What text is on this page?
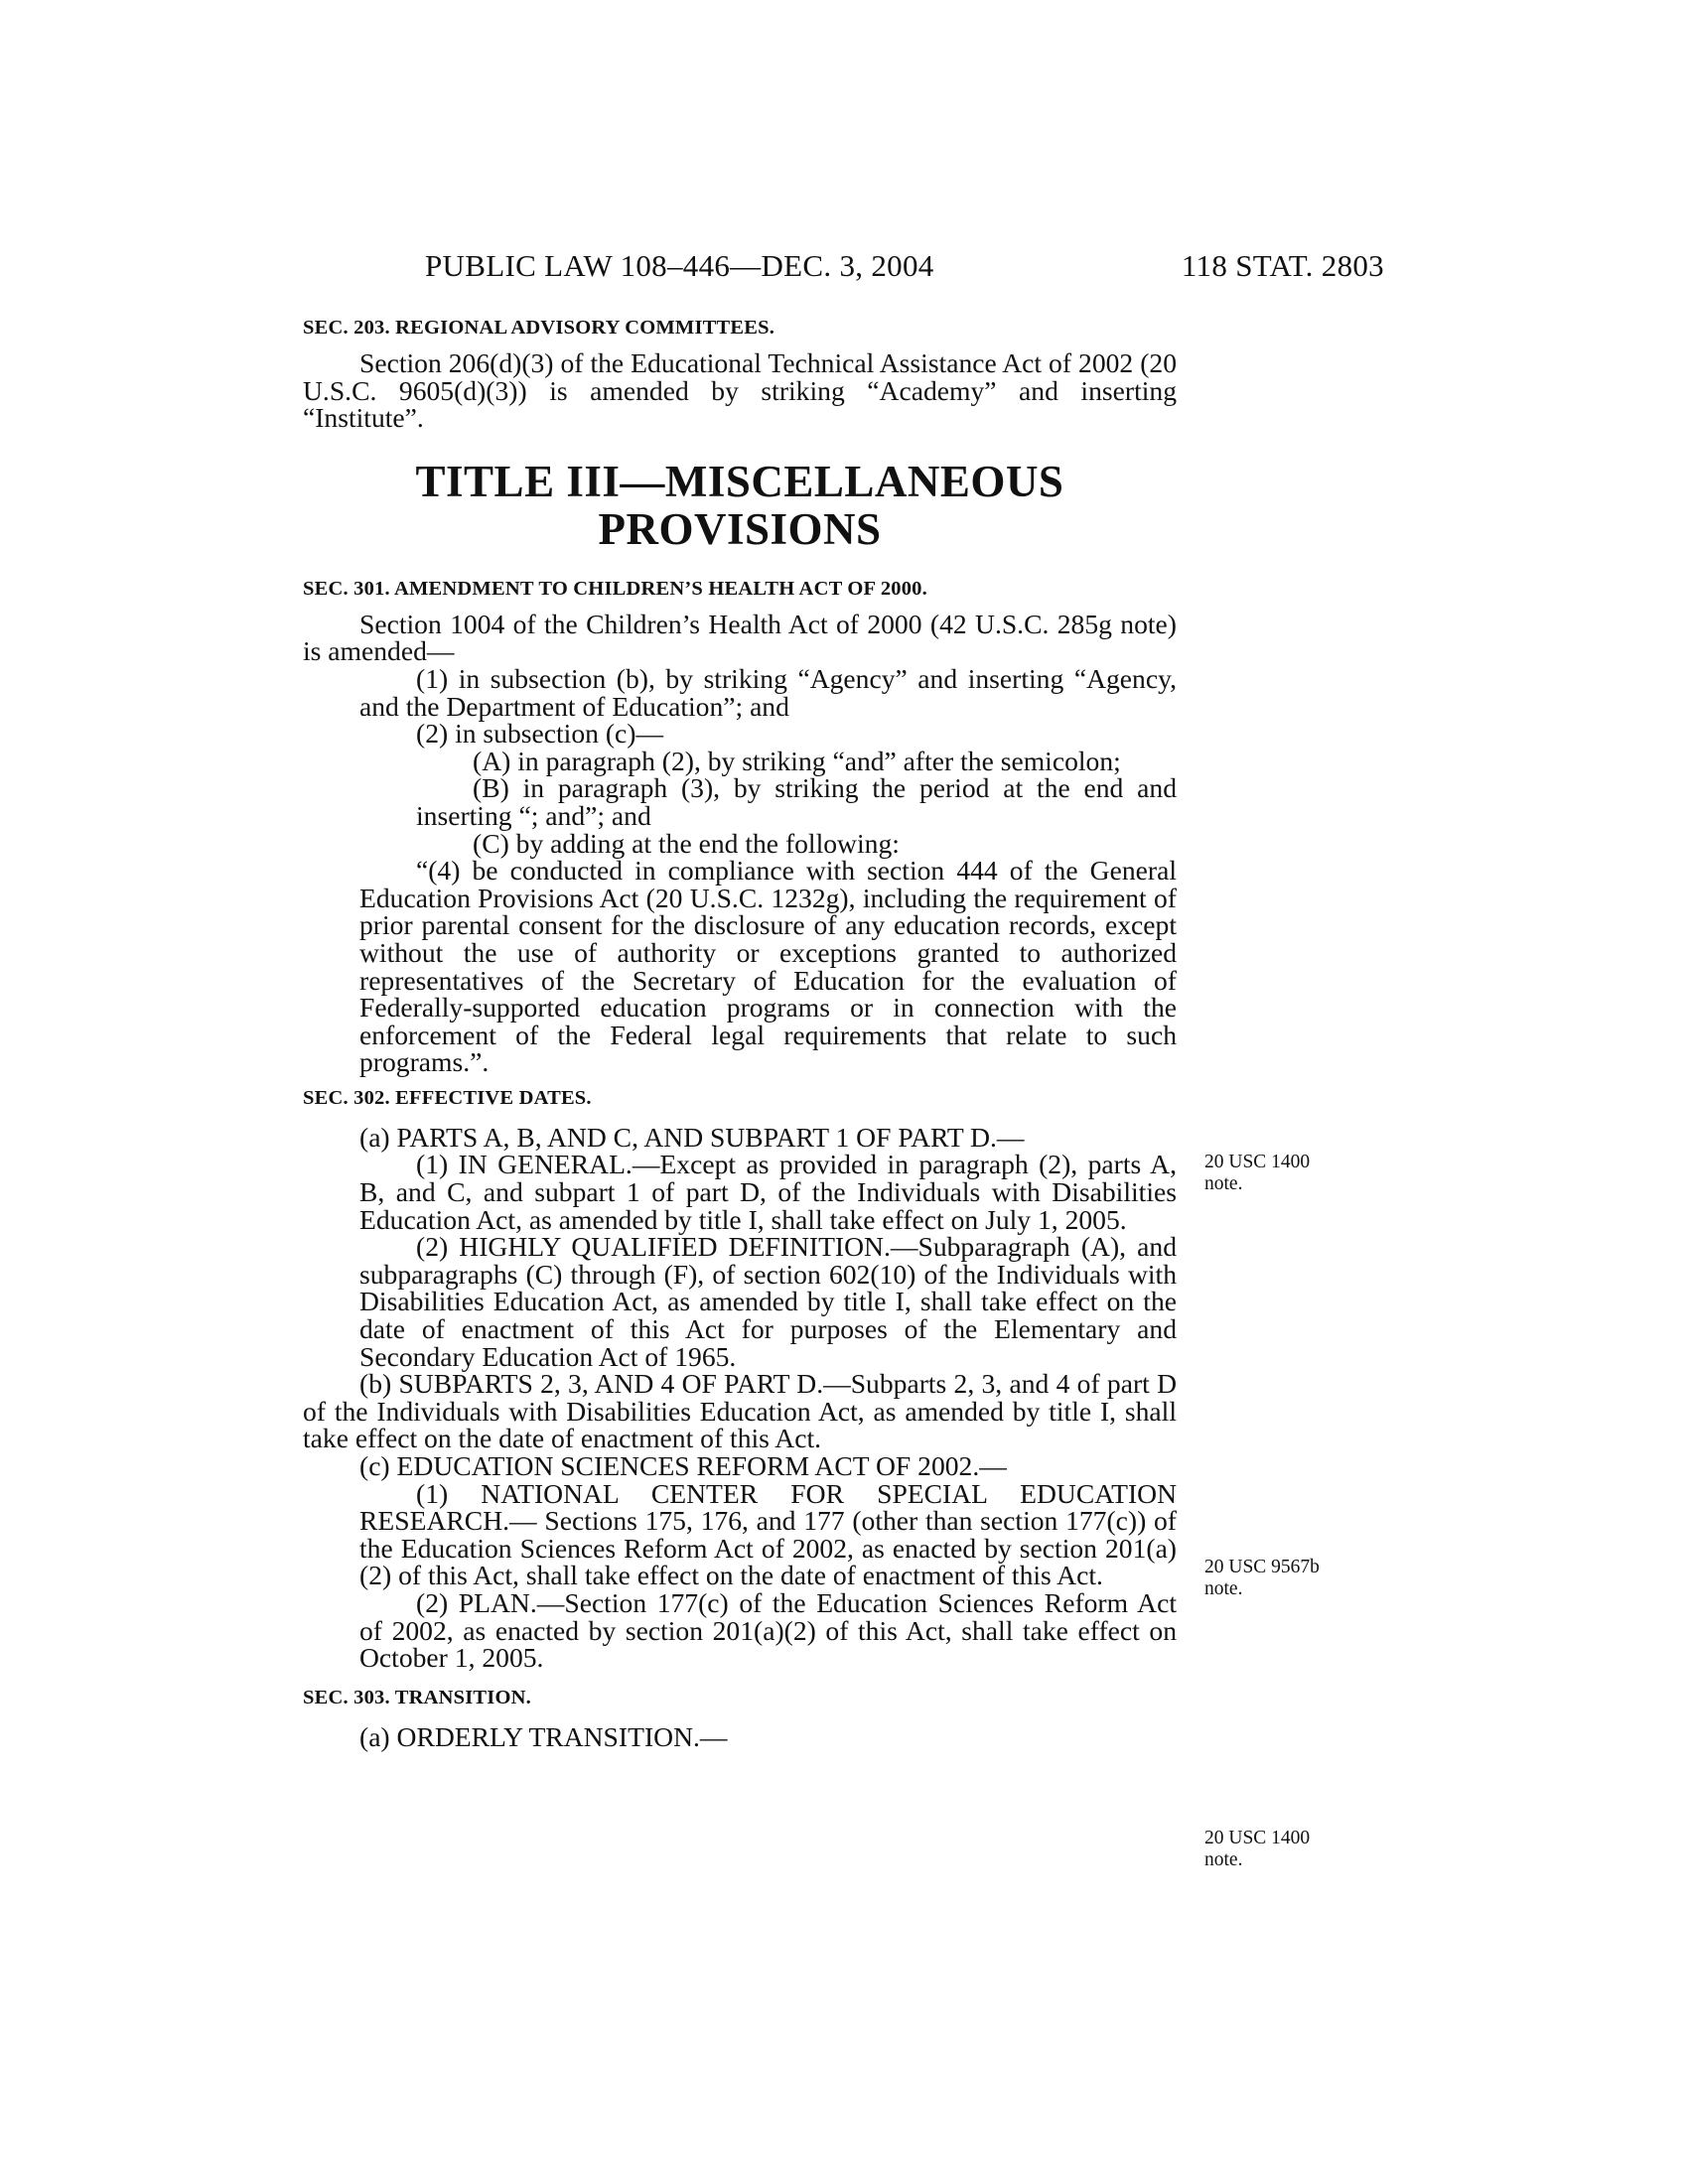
PUBLIC LAW 108–446—DEC. 3, 2004	118 STAT. 2803
SEC. 203. REGIONAL ADVISORY COMMITTEES.

Section 206(d)(3) of the Educational Technical Assistance Act of 2002 (20 U.S.C. 9605(d)(3)) is amended by striking “Academy” and inserting “Institute”.

TITLE III—MISCELLANEOUS
PROVISIONS
SEC. 301. AMENDMENT TO CHILDREN’S HEALTH ACT OF 2000.

Section 1004 of the Children’s Health Act of 2000 (42 U.S.C. 285g note) is amended—

(1) in subsection (b), by striking “Agency” and inserting “Agency, and the Department of Education”; and

(2) in subsection (c)—

(A) in paragraph (2), by striking “and” after the semicolon;

(B) in paragraph (3), by striking the period at the end and inserting “; and”; and

(C) by adding at the end the following:

“(4) be conducted in compliance with section 444 of the General Education Provisions Act (20 U.S.C. 1232g), including the requirement of prior parental consent for the disclosure of any education records, except without the use of authority or exceptions granted to authorized representatives of the Secretary of Education for the evaluation of Federally-supported education programs or in connection with the enforcement of the Federal legal requirements that relate to such programs.”.

SEC. 302. EFFECTIVE DATES.

(a) PARTS A, B, AND C, AND SUBPART 1 OF PART D.—

(1) IN GENERAL.—Except as provided in paragraph (2), parts A, B, and C, and subpart 1 of part D, of the Individuals with Disabilities Education Act, as amended by title I, shall take effect on July 1, 2005.

(2) HIGHLY QUALIFIED DEFINITION.—Subparagraph (A), and subparagraphs (C) through (F), of section 602(10) of the Individuals with Disabilities Education Act, as amended by title I, shall take effect on the date of enactment of this Act for purposes of the Elementary and Secondary Education Act of 1965.

(b) SUBPARTS 2, 3, AND 4 OF PART D.—Subparts 2, 3, and 4 of part D of the Individuals with Disabilities Education Act, as amended by title I, shall take effect on the date of enactment of this Act.

(c) EDUCATION SCIENCES REFORM ACT OF 2002.—

(1) NATIONAL CENTER FOR SPECIAL EDUCATION RESEARCH.— Sections 175, 176, and 177 (other than section 177(c)) of the Education Sciences Reform Act of 2002, as enacted by section 201(a)(2) of this Act, shall take effect on the date of enactment of this Act.

(2) PLAN.—Section 177(c) of the Education Sciences Reform Act of 2002, as enacted by section 201(a)(2) of this Act, shall take effect on October 1, 2005.

SEC. 303. TRANSITION.

(a) ORDERLY TRANSITION.—

20 USC 1400
note.
20 USC 9567b
note.
20 USC 1400
note.
